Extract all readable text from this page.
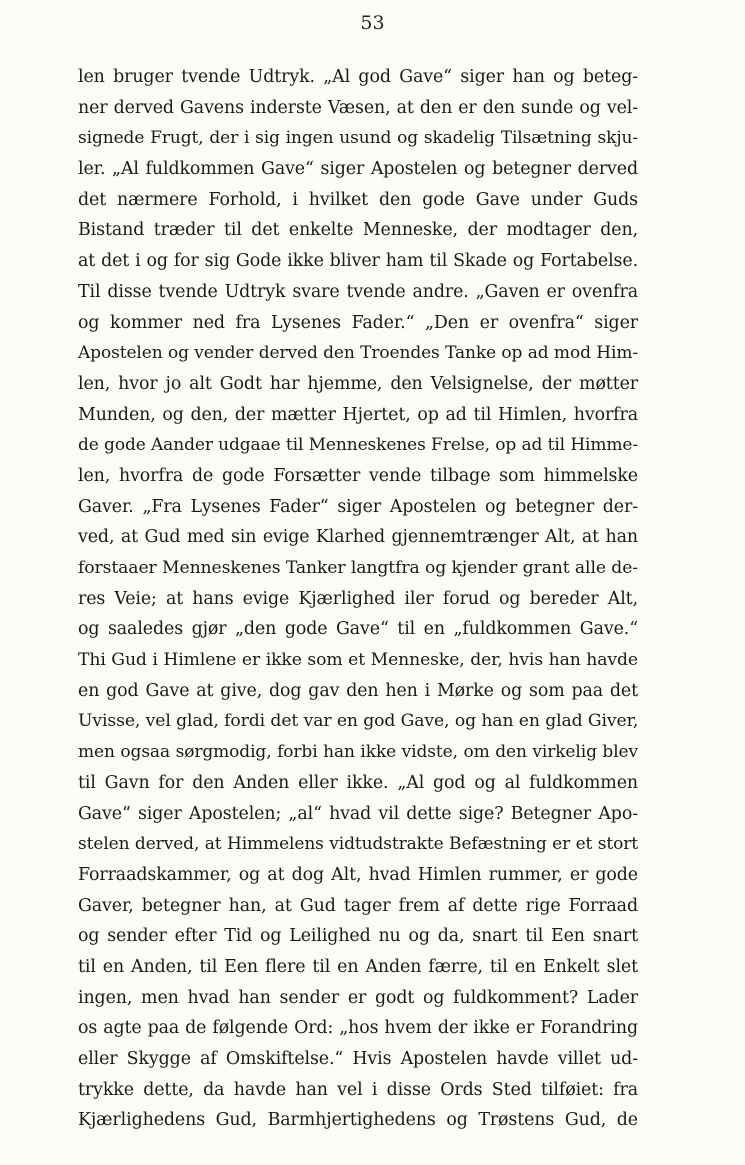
53
len bruger tvende Udtryk. „Al god Gave“ siger han og beteg-
ner derved Gavens inderste Væsen, at den er den sunde og vel-
signede Frugt, der i sig ingen usund og skadelig Tilsætning skju-
ler. „Al fuldkommen Gave“ siger Apostelen og betegner derved
det nærmere Forhold, i hvilket den gode Gave under Guds
Bistand træder til det enkelte Menneske, der modtager den,
at det i og for sig Gode ikke bliver ham til Skade og Fortabelse.
Til disse tvende Udtryk svare tvende andre. „Gaven er ovenfra
og kommer ned fra Lysenes Fader.“ „Den er ovenfra“ siger
Apostelen og vender derved den Troendes Tanke op ad mod Him-
len, hvor jo alt Godt har hjemme, den Velsignelse, der møtter
Munden, og den, der mætter Hjertet, op ad til Himlen, hvorfra
de gode Aander udgaae til Menneskenes Frelse, op ad til Himme-
len, hvorfra de gode Forsætter vende tilbage som himmelske
Gaver. „Fra Lysenes Fader“ siger Apostelen og betegner der-
ved, at Gud med sin evige Klarhed gjennemtrænger Alt, at han
forstaaer Menneskenes Tanker langtfra og kjender grant alle de-
res Veie; at hans evige Kjærlighed iler forud og bereder Alt,
og saaledes gjør „den gode Gave“ til en „fuldkommen Gave.“
Thi Gud i Himlene er ikke som et Menneske, der, hvis han havde
en god Gave at give, dog gav den hen i Mørke og som paa det
Uvisse, vel glad, fordi det var en god Gave, og han en glad Giver,
men ogsaa sørgmodig, forbi han ikke vidste, om den virkelig blev
til Gavn for den Anden eller ikke. „Al god og al fuldkommen
Gave“ siger Apostelen; „al“ hvad vil dette sige? Betegner Apo-
stelen derved, at Himmelens vidtudstrakte Befæstning er et stort
Forraadskammer, og at dog Alt, hvad Himlen rummer, er gode
Gaver, betegner han, at Gud tager frem af dette rige Forraad
og sender efter Tid og Leilighed nu og da, snart til Een snart
til en Anden, til Een flere til en Anden færre, til en Enkelt slet
ingen, men hvad han sender er godt og fuldkomment? Lader
os agte paa de følgende Ord: „hos hvem der ikke er Forandring
eller Skygge af Omskiftelse.“ Hvis Apostelen havde villet ud-
trykke dette, da havde han vel i disse Ords Sted tilføiet: fra
Kjærlighedens Gud, Barmhjertighedens og Trøstens Gud, de
